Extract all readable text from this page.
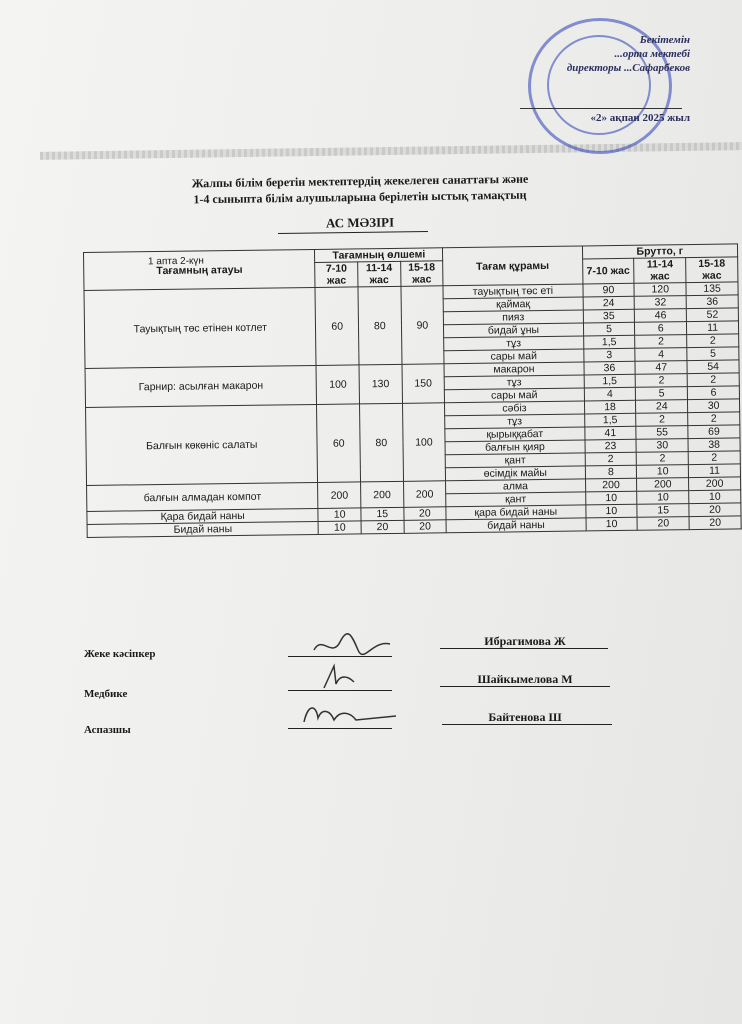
Бекітемін
...орта мектебі
директоры ...Сафарбеков
«2» ақпан 2025 жыл
Жалпы білім беретін мектептердің жекелеген санаттағы және
1-4 сыныпта білім алушыларына берілетін ыстық тамақтың
АС МӘЗІРІ
1 апта 2-күн
Тағамның атауы	Тағамның өлшемі			Тағам құрамы	Брутто, г		
	7-10 жас	11-14 жас	15-18 жас		7-10 жас	11-14 жас	15-18 жас
Тауықтың төс етінен котлет	60	80	90	тауықтың төс еті	90	120	135
				қаймақ	24	32	36
				пияз	35	46	52
				бидай ұны	5	6	11
				тұз	1,5	2	2
				сары май	3	4	5
Гарнир: асылған макарон	100	130	150	макарон	36	47	54
				тұз	1,5	2	2
				сары май	4	5	6
Балғын көкөніс салаты	60	80	100	сәбіз	18	24	30
				тұз	1,5	2	2
				қырыққабат	41	55	69
				балғын қияр	23	30	38
				қант	2	2	2
				өсімдік майы	8	10	11
балғын алмадан компот	200	200	200	алма	200	200	200
				қант	10	10	10
Қара бидай наны	10	15	20	қара бидай наны	10	15	20
Бидай наны	10	20	20	бидай наны	10	20	20
Жеке кәсіпкер
Ибрагимова Ж
Медбике
Шайкымелова М
Аспазшы
Байтенова Ш
